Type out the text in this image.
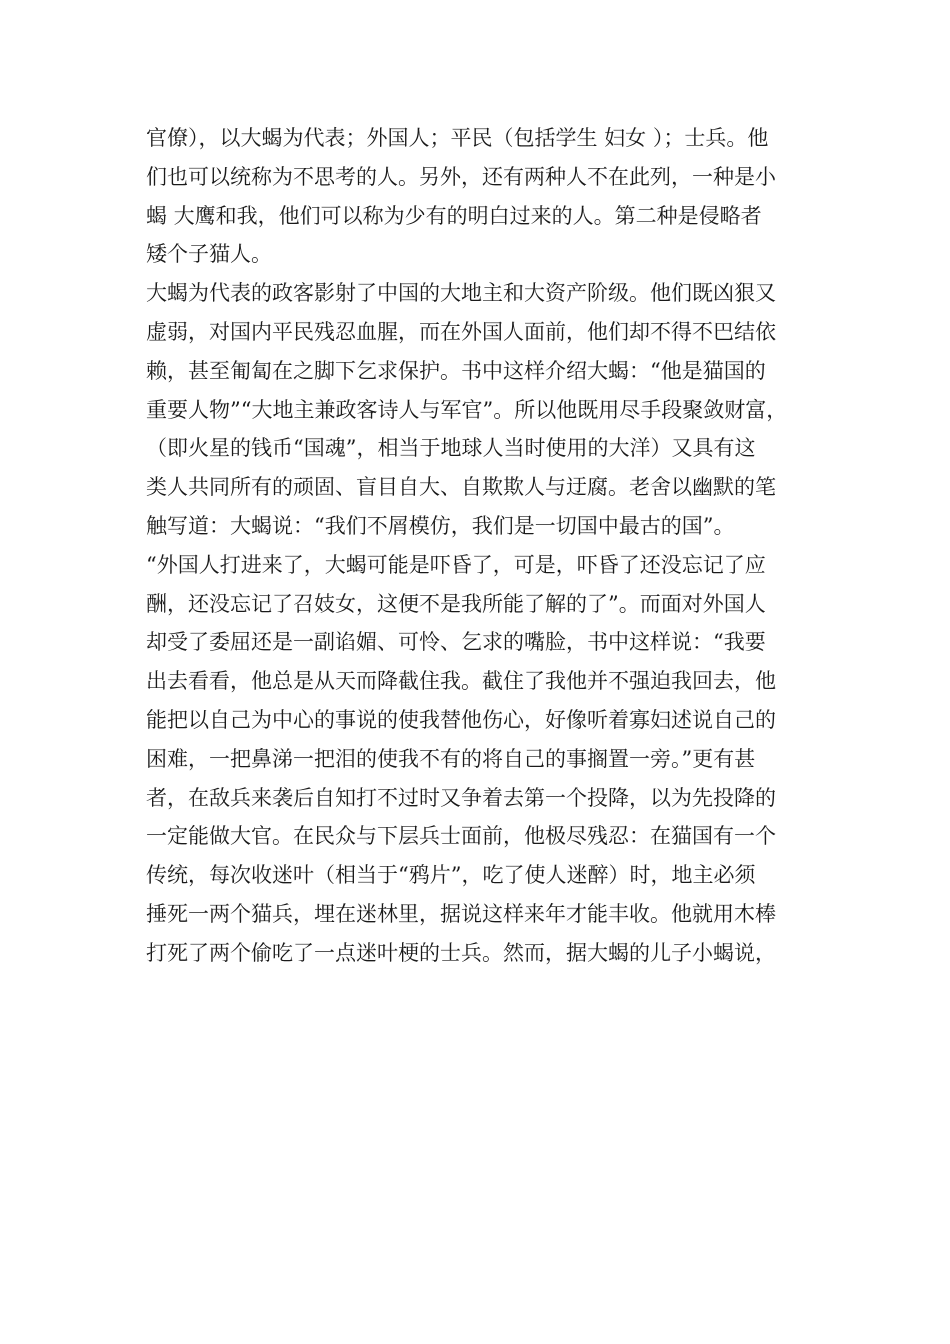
官僚），以大蝎为代表；外国人；平民（包括学生 妇女 ）；士兵。他
们也可以统称为不思考的人。另外，还有两种人不在此列，一种是小
蝎 大鹰和我，他们可以称为少有的明白过来的人。第二种是侵略者
矮个子猫人。
大蝎为代表的政客影射了中国的大地主和大资产阶级。他们既凶狠又
虚弱，对国内平民残忍血腥，而在外国人面前，他们却不得不巴结依
赖，甚至匍匐在之脚下乞求保护。书中这样介绍大蝎：“他是猫国的
重要人物”“大地主兼政客诗人与军官”。所以他既用尽手段聚敛财富，
（即火星的钱币“国魂”，相当于地球人当时使用的大洋）又具有这
类人共同所有的顽固、盲目自大、自欺欺人与迂腐。老舍以幽默的笔
触写道：大蝎说：“我们不屑模仿，我们是一切国中最古的国”。
“外国人打进来了，大蝎可能是吓昏了，可是，吓昏了还没忘记了应
酬，还没忘记了召妓女，这便不是我所能了解的了”。而面对外国人
却受了委屈还是一副谄媚、可怜、乞求的嘴脸，书中这样说：“我要
出去看看，他总是从天而降截住我。截住了我他并不强迫我回去，他
能把以自己为中心的事说的使我替他伤心，好像听着寡妇述说自己的
困难，一把鼻涕一把泪的使我不有的将自己的事搁置一旁。”更有甚
者，在敌兵来袭后自知打不过时又争着去第一个投降，以为先投降的
一定能做大官。在民众与下层兵士面前，他极尽残忍：在猫国有一个
传统，每次收迷叶（相当于“鸦片”，吃了使人迷醉）时，地主必须
捶死一两个猫兵，埋在迷林里，据说这样来年才能丰收。他就用木棒
打死了两个偷吃了一点迷叶梗的士兵。然而，据大蝎的儿子小蝎说，
